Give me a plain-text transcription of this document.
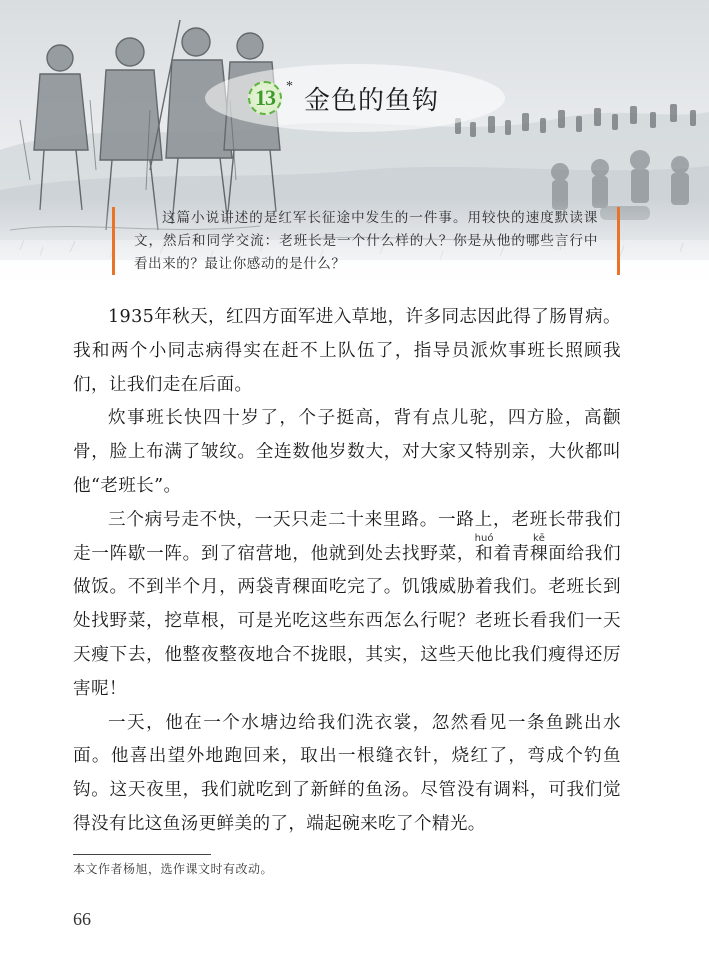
13 * 金色的鱼钩
这篇小说讲述的是红军长征途中发生的一件事。用较快的速度默读课文，然后和同学交流：老班长是一个什么样的人？你是从他的哪些言行中看出来的？最让你感动的是什么？

1935年秋天，红四方面军进入草地，许多同志因此得了肠胃病。我和两个小同志病得实在赶不上队伍了，指导员派炊事班长照顾我们，让我们走在后面。

炊事班长快四十岁了，个子挺高，背有点儿驼，四方脸，高颧骨，脸上布满了皱纹。全连数他岁数大，对大家又特别亲，大伙都叫他“老班长”。

三个病号走不快，一天只走二十来里路。一路上，老班长带我们走一阵歇一阵。到了宿营地，他就到处去找野菜，和huó着青稞kē面给我们做饭。不到半个月，两袋青稞面吃完了。饥饿威胁着我们。老班长到处找野菜，挖草根，可是光吃这些东西怎么行呢？老班长看我们一天天瘦下去，他整夜整夜地合不拢眼，其实，这些天他比我们瘦得还厉害呢！

一天，他在一个水塘边给我们洗衣裳，忽然看见一条鱼跳出水面。他喜出望外地跑回来，取出一根缝衣针，烧红了，弯成个钓鱼钩。这天夜里，我们就吃到了新鲜的鱼汤。尽管没有调料，可我们觉得没有比这鱼汤更鲜美的了，端起碗来吃了个精光。

本文作者杨旭，选作课文时有改动。
66
